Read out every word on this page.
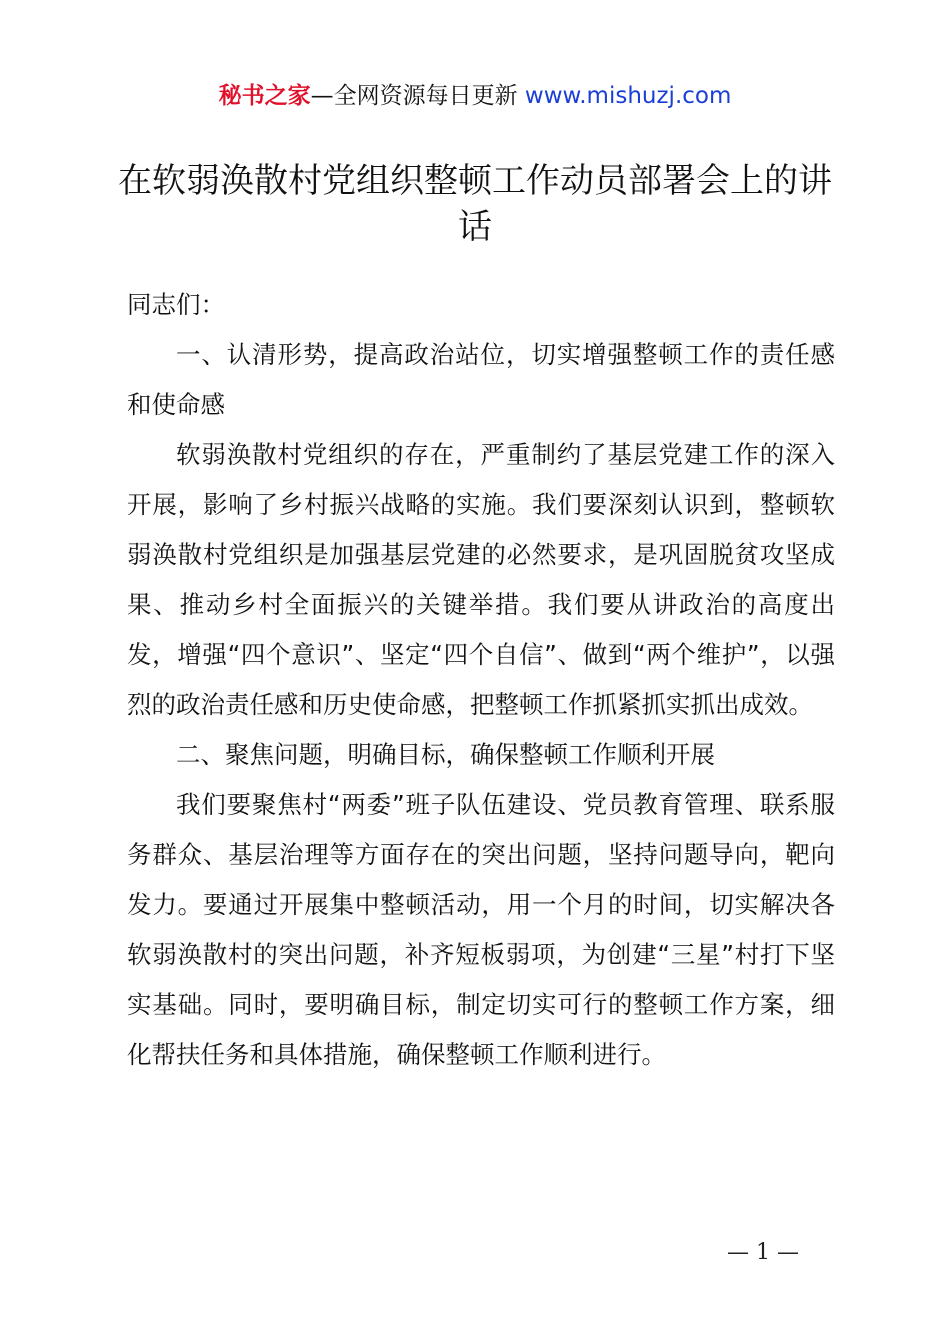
秘书之家—全网资源每日更新 www.mishuzj.com
在软弱涣散村党组织整顿工作动员部署会上的讲话

同志们：

一、认清形势，提高政治站位，切实增强整顿工作的责任感和使命感

软弱涣散村党组织的存在，严重制约了基层党建工作的深入开展，影响了乡村振兴战略的实施。我们要深刻认识到，整顿软弱涣散村党组织是加强基层党建的必然要求，是巩固脱贫攻坚成果、推动乡村全面振兴的关键举措。我们要从讲政治的高度出发，增强“四个意识”、坚定“四个自信”、做到“两个维护”，以强烈的政治责任感和历史使命感，把整顿工作抓紧抓实抓出成效。

二、聚焦问题，明确目标，确保整顿工作顺利开展

我们要聚焦村“两委”班子队伍建设、党员教育管理、联系服务群众、基层治理等方面存在的突出问题，坚持问题导向，靶向发力。要通过开展集中整顿活动，用一个月的时间，切实解决各软弱涣散村的突出问题，补齐短板弱项，为创建“三星”村打下坚实基础。同时，要明确目标，制定切实可行的整顿工作方案，细化帮扶任务和具体措施，确保整顿工作顺利进行。

— 1 —
